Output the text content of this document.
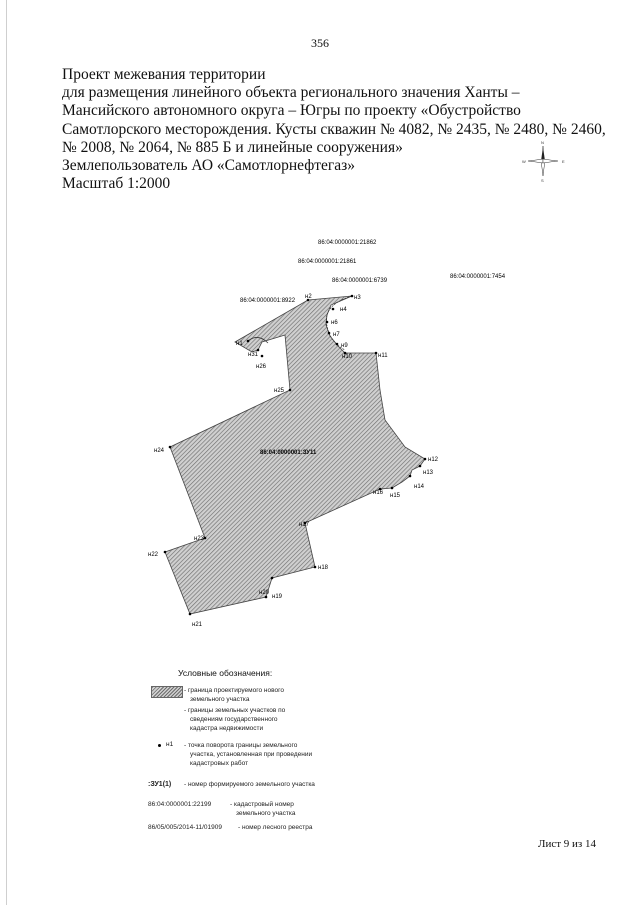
356
Проект межевания территории
для размещения линейного объекта регионального значения Ханты –
Мансийского автономного округа – Югры по проекту «Обустройство
Самотлорского месторождения. Кусты скважин № 4082, № 2435, № 2480, № 2460,
№ 2008, № 2064, № 885 Б и линейные сооружения»
Землепользователь АО «Самотлорнефтегаз»
Масштаб 1:2000
N
S
W	E
86:04:0000001:21862
86:04:0000001:21861
86:04:0000001:6739
86:04:0000001:7454
86:04:0000001:8922
86:04:0000001:ЗУ11
н1
н2	н3
н4
н6
н7
н9
н10	н11
н12
н13
н14
н15
н16
н17
н18
н19
н20
н21
н22
н23
н24
н25
н26
н31
Условные обозначения:
- граница проектируемого нового
земельного участка
- границы земельных участков по
сведениям государственного
кадастра недвижимости
н1 - точка поворота границы земельного
участка, установленная при проведении
кадастровых работ
:ЗУ1(1) - номер формируемого земельного участка
86:04:0000001:22199	- кадастровый номер
земельного участка
86/05/005/2014-11/01909 - номер лесного реестра
Лист 9 из 14
